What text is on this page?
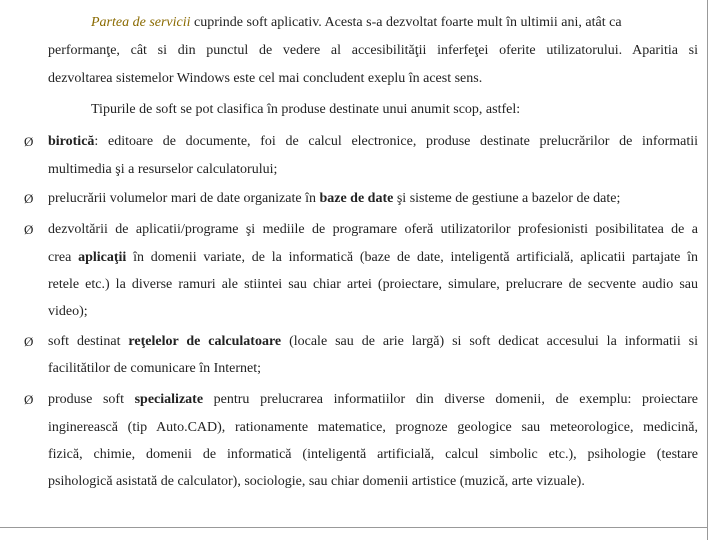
Partea de servicii cuprinde soft aplicativ. Acesta s-a dezvoltat foarte mult în ultimii ani, atât ca
performanţe, cât si din punctul de vedere al accesibilităţii inferfeţei oferite utilizatorului. Aparitia si
dezvoltarea sistemelor Windows este cel mai concludent exeplu în acest sens.
Tipurile de soft se pot clasifica în produse destinate unui anumit scop, astfel:
Ø birotică: editoare de documente, foi de calcul electronice, produse destinate prelucrărilor de informatii
multimedia şi a resurselor calculatorului;
Ø prelucrării volumelor mari de date organizate în baze de date şi sisteme de gestiune a bazelor de date;
Ø dezvoltării de aplicatii/programe şi mediile de programare oferă utilizatorilor profesionisti posibilitatea de a
crea aplicaţii în domenii variate, de la informatică (baze de date, inteligentă artificială, aplicatii partajate în
retele etc.) la diverse ramuri ale stiintei sau chiar artei (proiectare, simulare, prelucrare de secvente audio sau
video);
Ø soft destinat reţelelor de calculatoare (locale sau de arie largă) si soft dedicat accesului la informatii si
facilitătilor de comunicare în Internet;
Ø produse soft specializate pentru prelucrarea informatiilor din diverse domenii, de exemplu: proiectare
inginerească (tip Auto.CAD), rationamente matematice, prognoze geologice sau meteorologice, medicină,
fizică, chimie, domenii de informatică (inteligentă artificială, calcul simbolic etc.), psihologie (testare
psihologică asistată de calculator), sociologie, sau chiar domenii artistice (muzică, arte vizuale).
